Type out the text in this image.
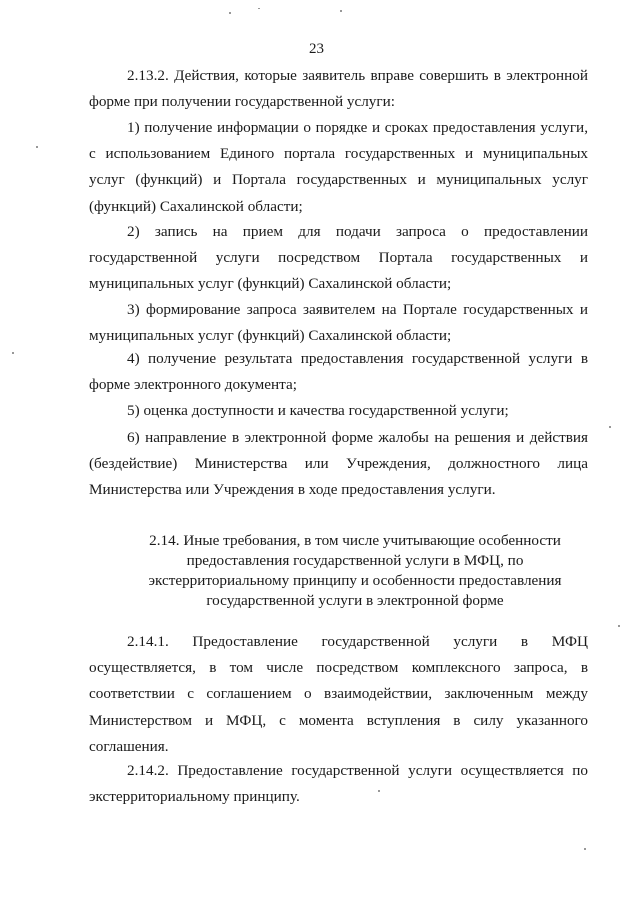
23

2.13.2. Действия, которые заявитель вправе совершить в электронной форме при получении государственной услуги:

1) получение информации о порядке и сроках предоставления услуги, с использованием Единого портала государственных и муниципальных услуг (функций) и Портала государственных и муниципальных услуг (функций) Сахалинской области;

2) запись на прием для подачи запроса о предоставлении государственной услуги посредством Портала государственных и муниципальных услуг (функций) Сахалинской области;

3) формирование запроса заявителем на Портале государственных и муниципальных услуг (функций) Сахалинской области;

4) получение результата предоставления государственной услуги в форме электронного документа;

5) оценка доступности и качества государственной услуги;

6) направление в электронной форме жалобы на решения и действия (бездействие) Министерства или Учреждения, должностного лица Министерства или Учреждения в ходе предоставления услуги.

2.14. Иные требования, в том числе учитывающие особенности предоставления государственной услуги в МФЦ, по экстерриториальному принципу и особенности предоставления государственной услуги в электронной форме

2.14.1. Предоставление государственной услуги в МФЦ осуществляется, в том числе посредством комплексного запроса, в соответствии с соглашением о взаимодействии, заключенным между Министерством и МФЦ, с момента вступления в силу указанного соглашения.

2.14.2. Предоставление государственной услуги осуществляется по экстерриториальному принципу.
